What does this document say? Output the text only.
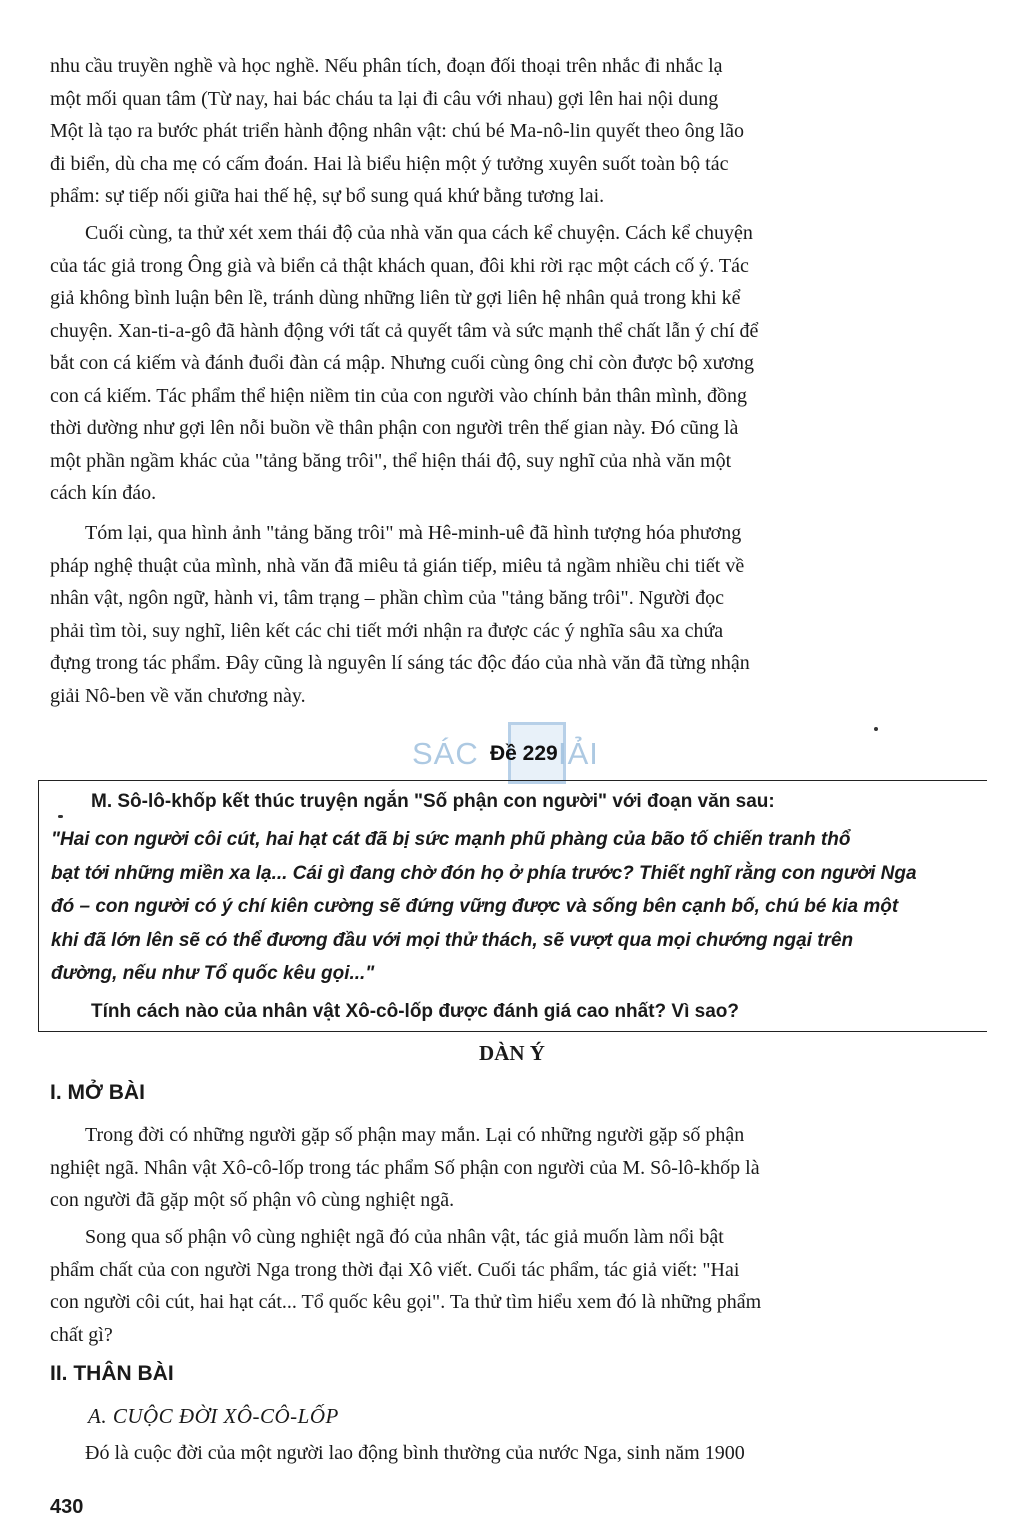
nhu cầu truyền nghề và học nghề. Nếu phân tích, đoạn đối thoại trên nhắc đi nhắc lạ
một mối quan tâm (Từ nay, hai bác cháu ta lại đi câu với nhau) gợi lên hai nội dung
Một là tạo ra bước phát triển hành động nhân vật: chú bé Ma-nô-lin quyết theo ông lão
đi biển, dù cha mẹ có cấm đoán. Hai là biểu hiện một ý tưởng xuyên suốt toàn bộ tác
phẩm: sự tiếp nối giữa hai thế hệ, sự bổ sung quá khứ bằng tương lai.
Cuối cùng, ta thử xét xem thái độ của nhà văn qua cách kể chuyện. Cách kể chuyện
của tác giả trong Ông già và biển cả thật khách quan, đôi khi rời rạc một cách cố ý. Tác
giả không bình luận bên lề, tránh dùng những liên từ gợi liên hệ nhân quả trong khi kể
chuyện. Xan-ti-a-gô đã hành động với tất cả quyết tâm và sức mạnh thể chất lẫn ý chí để
bắt con cá kiếm và đánh đuổi đàn cá mập. Nhưng cuối cùng ông chỉ còn được bộ xương
con cá kiếm. Tác phẩm thể hiện niềm tin của con người vào chính bản thân mình, đồng
thời dường như gợi lên nỗi buồn về thân phận con người trên thế gian này. Đó cũng là
một phần ngầm khác của "tảng băng trôi", thể hiện thái độ, suy nghĩ của nhà văn một
cách kín đáo.
Tóm lại, qua hình ảnh "tảng băng trôi" mà Hê-minh-uê đã hình tượng hóa phương
pháp nghệ thuật của mình, nhà văn đã miêu tả gián tiếp, miêu tả ngầm nhiều chi tiết về
nhân vật, ngôn ngữ, hành vi, tâm trạng – phần chìm của "tảng băng trôi". Người đọc
phải tìm tòi, suy nghĩ, liên kết các chi tiết mới nhận ra được các ý nghĩa sâu xa chứa
đựng trong tác phẩm. Đây cũng là nguyên lí sáng tác độc đáo của nhà văn đã từng nhận
giải Nô-ben về văn chương này.
SÁC	IẢI
Đề 229
M. Sô-lô-khốp kết thúc truyện ngắn "Số phận con người" với đoạn văn sau:
"Hai con người côi cút, hai hạt cát đã bị sức mạnh phũ phàng của bão tố chiến tranh thổ
bạt tới những miền xa lạ... Cái gì đang chờ đón họ ở phía trước? Thiết nghĩ rằng con người Nga
đó – con người có ý chí kiên cường sẽ đứng vững được và sống bên cạnh bố, chú bé kia một
khi đã lớn lên sẽ có thể đương đầu với mọi thử thách, sẽ vượt qua mọi chướng ngại trên
đường, nếu như Tổ quốc kêu gọi..."
Tính cách nào của nhân vật Xô-cô-lốp được đánh giá cao nhất? Vì sao?
DÀN Ý
I. MỞ BÀI
Trong đời có những người gặp số phận may mắn. Lại có những người gặp số phận
nghiệt ngã. Nhân vật Xô-cô-lốp trong tác phẩm Số phận con người của M. Sô-lô-khốp là
con người đã gặp một số phận vô cùng nghiệt ngã.
Song qua số phận vô cùng nghiệt ngã đó của nhân vật, tác giả muốn làm nổi bật
phẩm chất của con người Nga trong thời đại Xô viết. Cuối tác phẩm, tác giả viết: "Hai
con người côi cút, hai hạt cát... Tổ quốc kêu gọi". Ta thử tìm hiểu xem đó là những phẩm
chất gì?
II. THÂN BÀI
A. CUỘC ĐỜI XÔ-CÔ-LỐP
Đó là cuộc đời của một người lao động bình thường của nước Nga, sinh năm 1900
430
